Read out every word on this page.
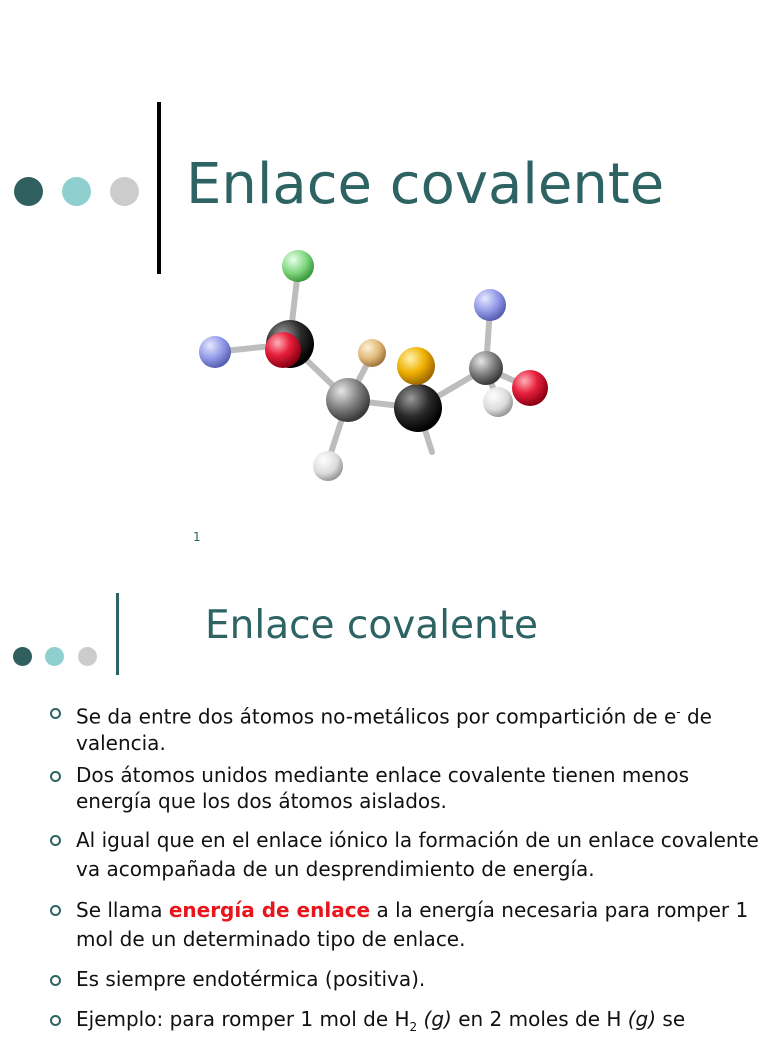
Enlace covalente
1
Enlace covalente
Se da entre dos átomos no-metálicos por compartición de e- de valencia.
Dos átomos unidos mediante enlace covalente tienen menos energía que los dos átomos aislados.
Al igual que en el enlace iónico la formación de un enlace covalente va acompañada de un desprendimiento de energía.
Se llama energía de enlace a la energía necesaria para romper 1 mol de un determinado tipo de enlace.
Es siempre endotérmica (positiva).
Ejemplo: para romper 1 mol de $H_2$ (g) en 2 moles de H (g) se
